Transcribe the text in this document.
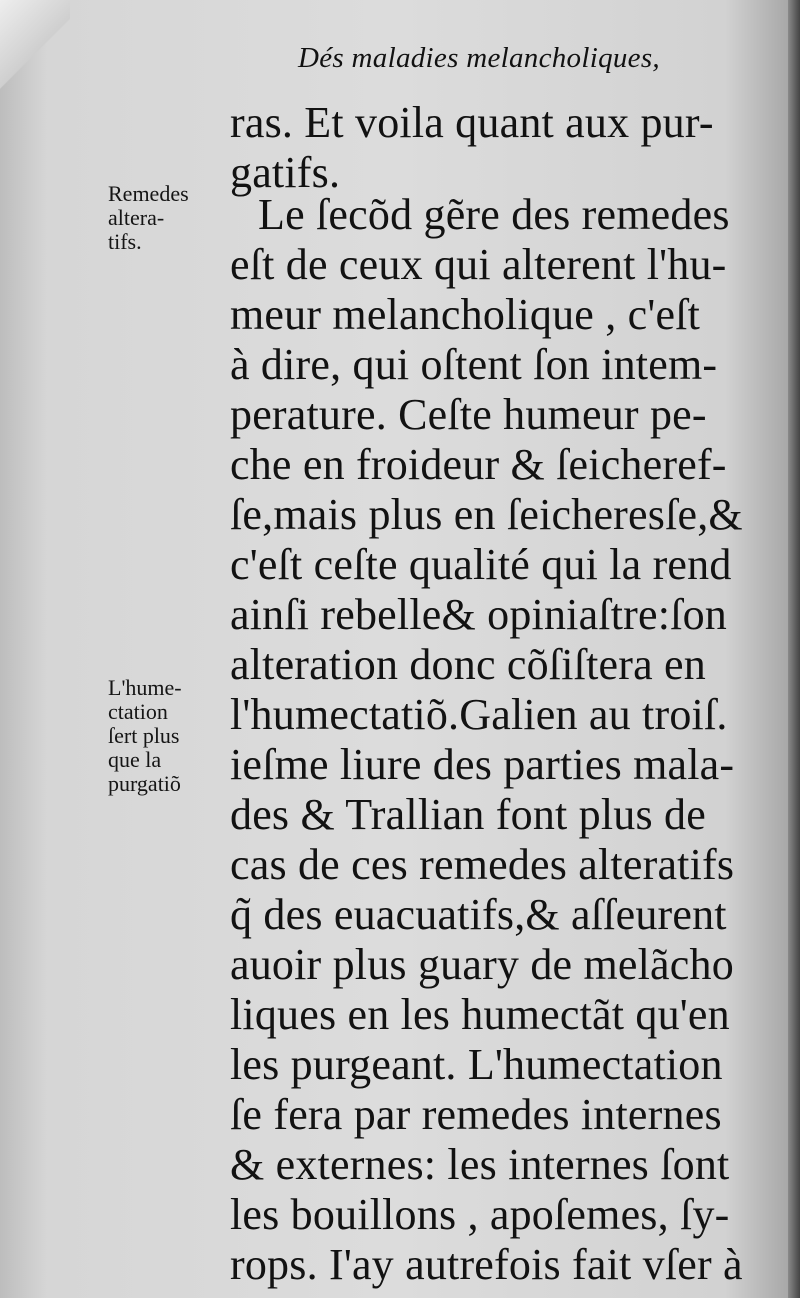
Dés maladies melancholiques,
ras. Et voila quant aux pur-
gatifs.
Le ſecõd gẽre des remedes
eſt de ceux qui alterent l'hu-
meur melancholique , c'eſt
à dire, qui oſtent ſon intem-
perature. Ceſte humeur pe-
che en froideur & ſeicheref-
ſe,mais plus en ſeicheresſe,&
c'eſt ceſte qualité qui la rend
ainſi rebelle& opiniaſtre:ſon
alteration donc cõſiſtera en
l'humectatiõ.Galien au troiſ.
ieſme liure des parties mala-
des & Trallian font plus de
cas de ces remedes alteratifs
q̃ des euacuatifs,& aſſeurent
auoir plus guary de melãcho
liques en les humectãt qu'en
les purgeant. L'humectation
ſe fera par remedes internes
& externes: les internes ſont
les bouillons , apoſemes, ſy-
rops. I'ay autrefois fait vſer à
Remedes
altera-
tifs.
L'hume-
ctation
ſert plus
que la
purgatiõ
